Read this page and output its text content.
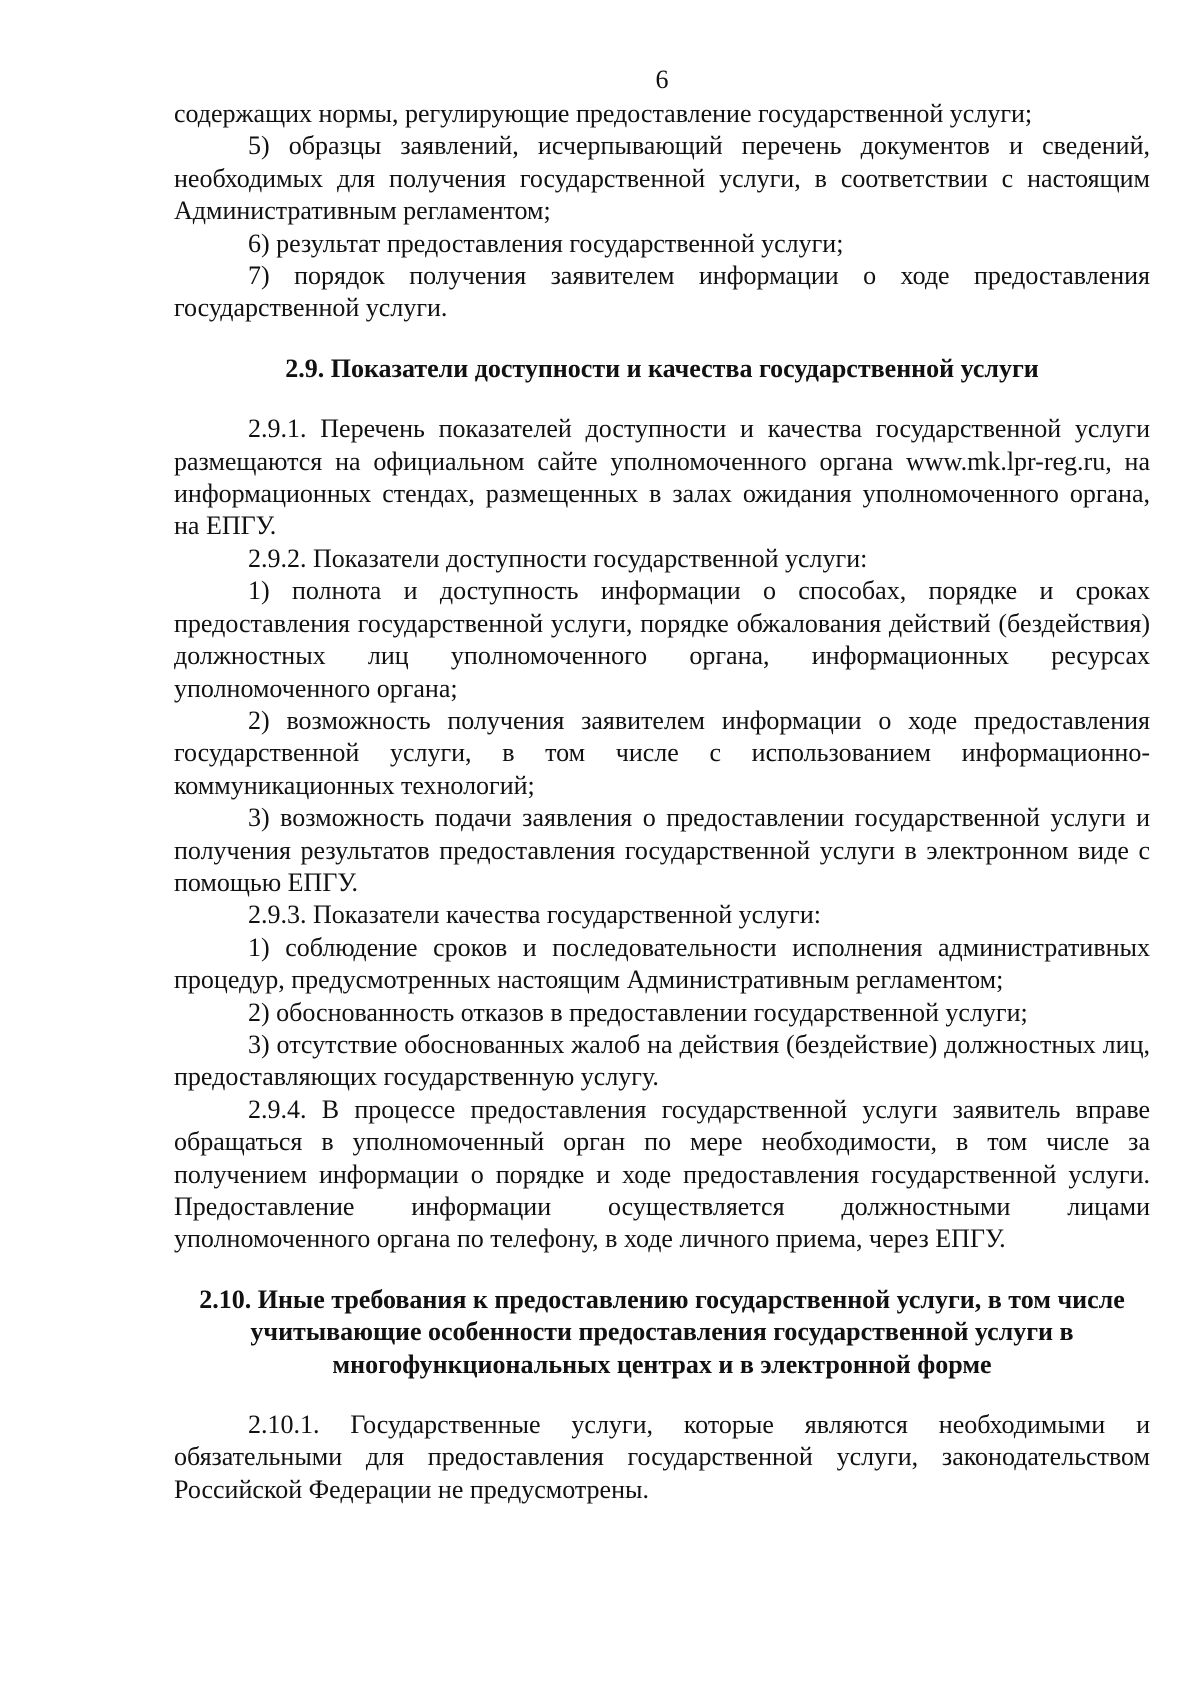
6

содержащих нормы, регулирующие предоставление государственной услуги;

5) образцы заявлений, исчерпывающий перечень документов и сведений, необходимых для получения государственной услуги, в соответствии с настоящим Административным регламентом;

6) результат предоставления государственной услуги;

7) порядок получения заявителем информации о ходе предоставления государственной услуги.

2.9. Показатели доступности и качества государственной услуги

2.9.1. Перечень показателей доступности и качества государственной услуги размещаются на официальном сайте уполномоченного органа www.mk.lpr-reg.ru, на информационных стендах, размещенных в залах ожидания уполномоченного органа, на ЕПГУ.

2.9.2. Показатели доступности государственной услуги:

1) полнота и доступность информации о способах, порядке и сроках предоставления государственной услуги, порядке обжалования действий (бездействия) должностных лиц уполномоченного органа, информационных ресурсах уполномоченного органа;

2) возможность получения заявителем информации о ходе предоставления государственной услуги, в том числе с использованием информационно-коммуникационных технологий;

3) возможность подачи заявления о предоставлении государственной услуги и получения результатов предоставления государственной услуги в электронном виде с помощью ЕПГУ.

2.9.3. Показатели качества государственной услуги:

1) соблюдение сроков и последовательности исполнения административных процедур, предусмотренных настоящим Административным регламентом;

2) обоснованность отказов в предоставлении государственной услуги;

3) отсутствие обоснованных жалоб на действия (бездействие) должностных лиц, предоставляющих государственную услугу.

2.9.4. В процессе предоставления государственной услуги заявитель вправе обращаться в уполномоченный орган по мере необходимости, в том числе за получением информации о порядке и ходе предоставления государственной услуги. Предоставление информации осуществляется должностными лицами уполномоченного органа по телефону, в ходе личного приема, через ЕПГУ.

2.10. Иные требования к предоставлению государственной услуги, в том числе учитывающие особенности предоставления государственной услуги в многофункциональных центрах и в электронной форме

2.10.1. Государственные услуги, которые являются необходимыми и обязательными для предоставления государственной услуги, законодательством Российской Федерации не предусмотрены.
